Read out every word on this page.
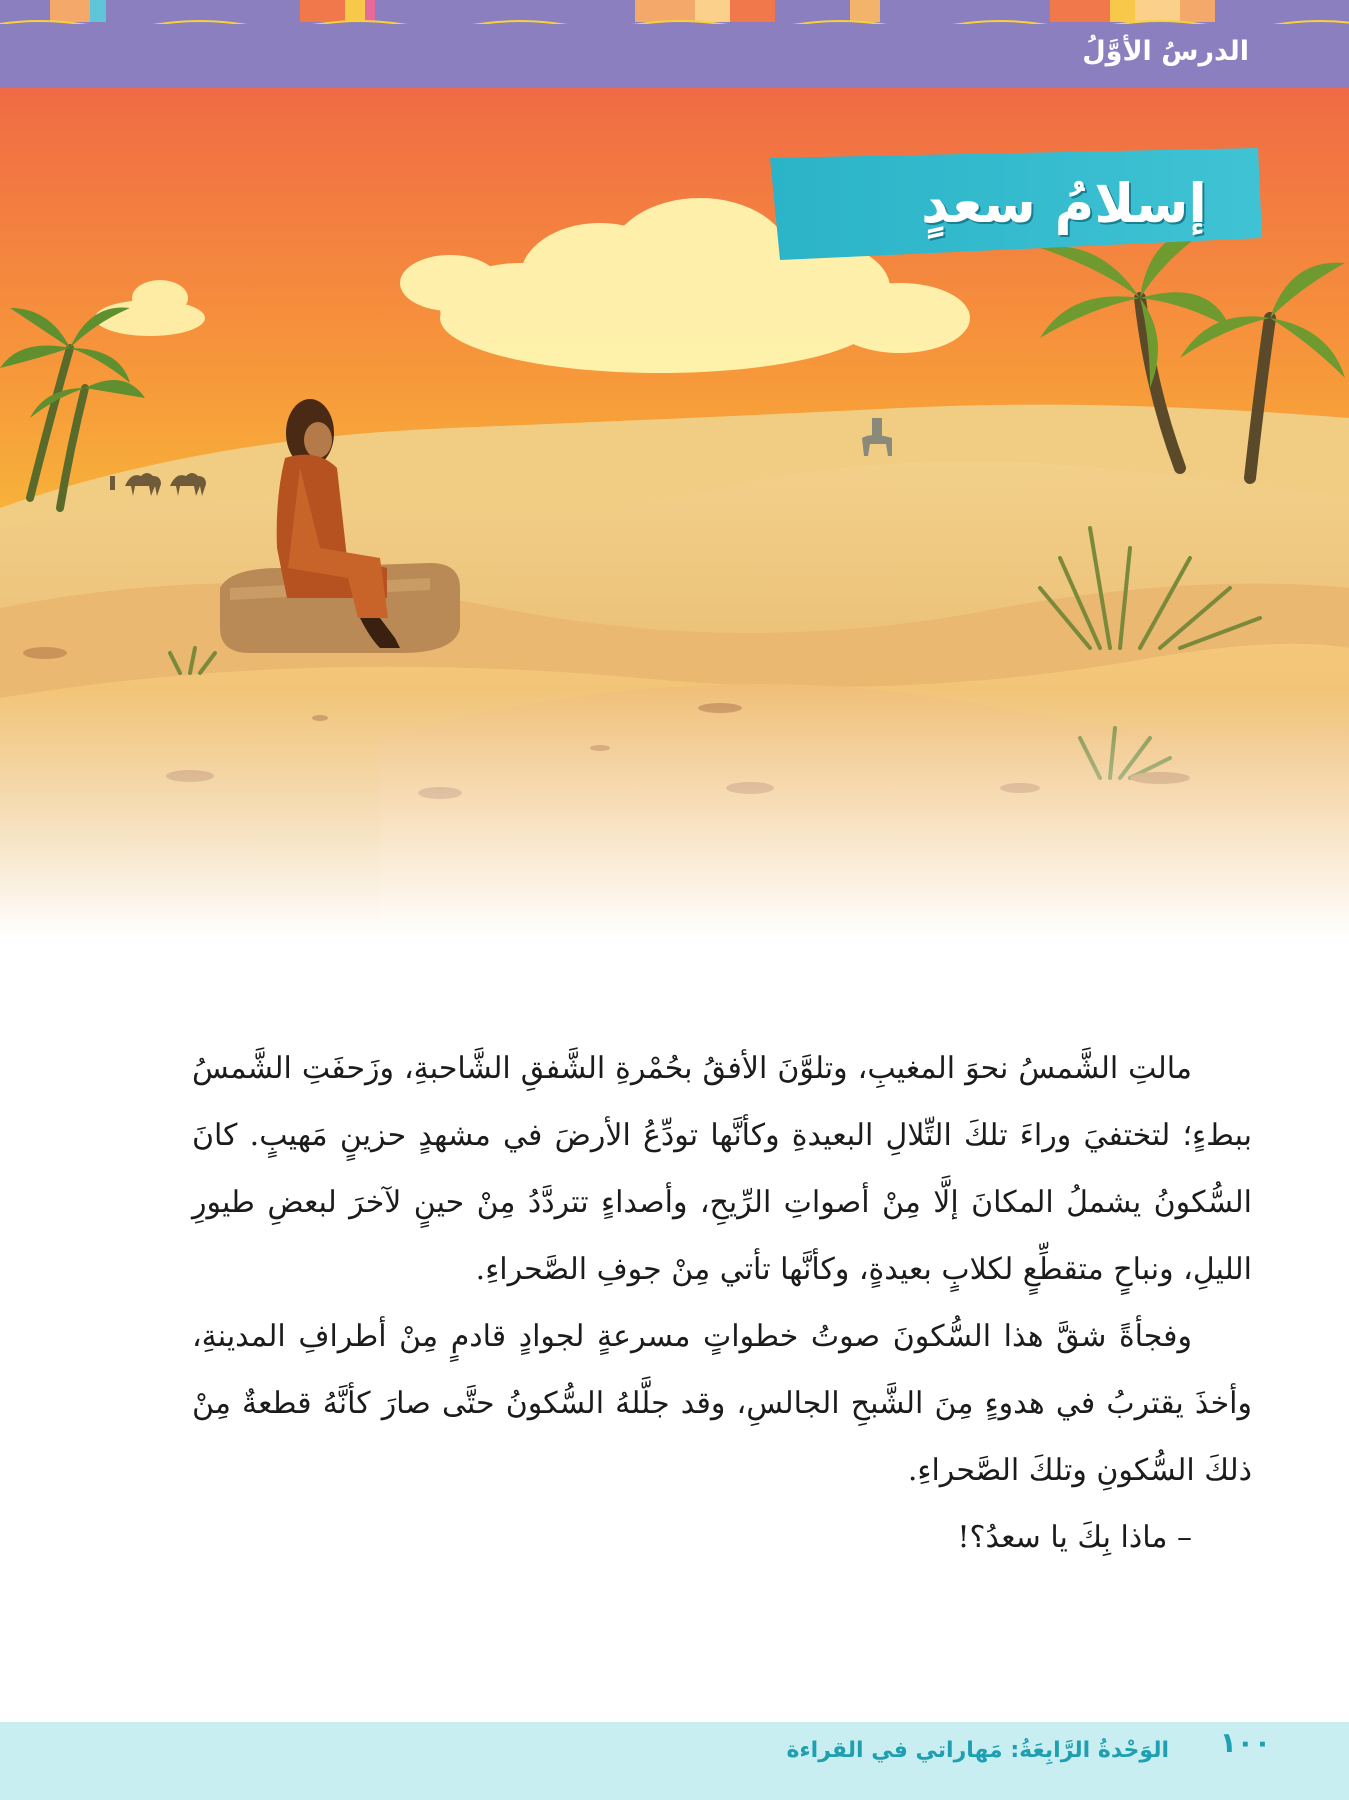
الدرسُ الأوَّلُ
إسلامُ سعدٍ

مالتِ الشَّمسُ نحوَ المغيبِ، وتلوَّنَ الأفقُ بحُمْرةِ الشَّفقِ الشَّاحبةِ، وزَحفَتِ الشَّمسُ ببطءٍ؛ لتختفيَ وراءَ تلكَ التِّلالِ البعيدةِ وكأنَّها تودِّعُ الأرضَ في مشهدٍ حزينٍ مَهيبٍ. كانَ السُّكونُ يشملُ المكانَ إلَّا مِنْ أصواتِ الرِّيحِ، وأصداءٍ تتردَّدُ مِنْ حينٍ لآخرَ لبعضِ طيورِ الليلِ، ونباحٍ متقطِّعٍ لكلابٍ بعيدةٍ، وكأنَّها تأتي مِنْ جوفِ الصَّحراءِ.

وفجأةً شقَّ هذا السُّكونَ صوتُ خطواتٍ مسرعةٍ لجوادٍ قادمٍ مِنْ أطرافِ المدينةِ، وأخذَ يقتربُ في هدوءٍ مِنَ الشَّبحِ الجالسِ، وقد جلَّلهُ السُّكونُ حتَّى صارَ كأنَّهُ قطعةٌ مِنْ ذلكَ السُّكونِ وتلكَ الصَّحراءِ.

– ماذا بِكَ يا سعدُ؟!

الوَحْدةُ الرَّابِعَةُ: مَهاراتي في القراءة	١٠٠
